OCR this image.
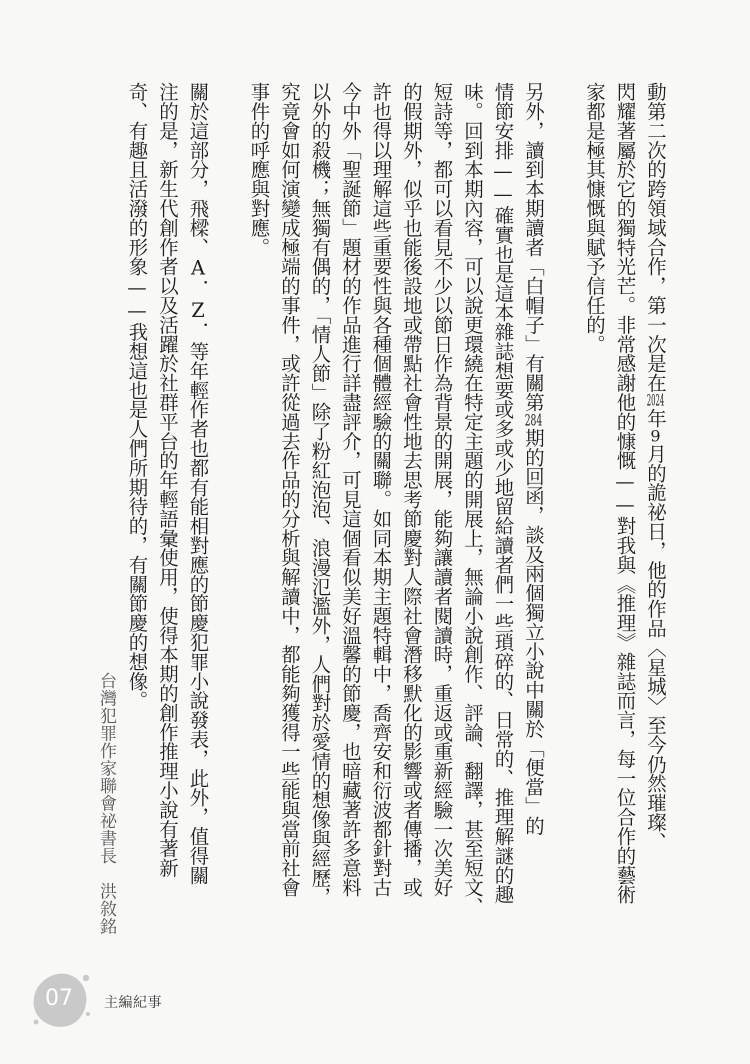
動第二次的跨領域合作，第一次是在2024年9月的詭祕日，他的作品〈星城〉至今仍然璀璨、
閃耀著屬於它的獨特光芒。非常感謝他的慷慨——對我與《推理》雜誌而言，每一位合作的藝術
家都是極其慷慨與賦予信任的。
另外，讀到本期讀者「白帽子」有關第284期的回函，談及兩個獨立小說中關於「便當」的
情節安排——確實也是這本雜誌想要或多或少地留給讀者們一些瑣碎的、日常的、推理解謎的趣
味。回到本期內容，可以說更環繞在特定主題的開展上，無論小說創作、評論、翻譯，甚至短文、
短詩等，都可以看見不少以節日作為背景的開展，能夠讓讀者閱讀時，重返或重新經驗一次美好
的假期外，似乎也能後設地或帶點社會性地去思考節慶對人際社會潛移默化的影響或者傳播，或
許也得以理解這些重要性與各種個體經驗的關聯。如同本期主題特輯中，喬齊安和衍波都針對古
今中外「聖誕節」題材的作品進行詳盡評介，可見這個看似美好溫馨的節慶，也暗藏著許多意料
以外的殺機；無獨有偶的，「情人節」除了粉紅泡泡、浪漫氾濫外，人們對於愛情的想像與經歷，
究竟會如何演變成極端的事件，或許從過去作品的分析與解讀中，都能夠獲得一些能與當前社會
事件的呼應與對應。
關於這部分，飛樑、A．Z．等年輕作者也都有能相對應的節慶犯罪小說發表，此外，值得關
注的是，新生代創作者以及活躍於社群平台的年輕語彙使用，使得本期的創作推理小說有著新
奇、有趣且活潑的形象——我想這也是人們所期待的，有關節慶的想像。
台灣犯罪作家聯會祕書長洪敘銘
07	主編紀事
